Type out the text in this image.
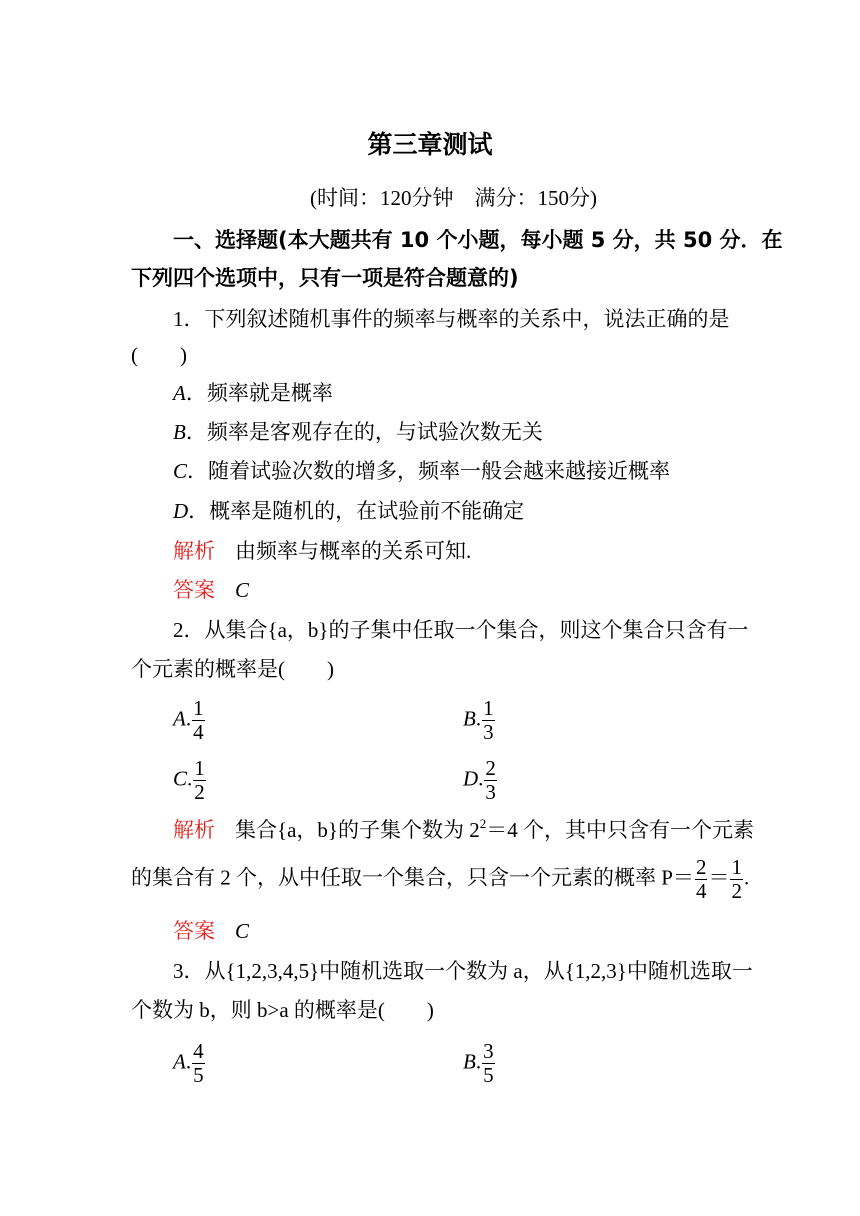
第三章测试
(时间：120分钟　满分：150分)
一、选择题(本大题共有 10 个小题，每小题 5 分，共 50 分．在
下列四个选项中，只有一项是符合题意的)
1．下列叙述随机事件的频率与概率的关系中，说法正确的是
(　　)
A．频率就是概率
B．频率是客观存在的，与试验次数无关
C．随着试验次数的增多，频率一般会越来越接近概率
D．概率是随机的，在试验前不能确定
解析 由频率与概率的关系可知.
答案 C
2．从集合{a，b}的子集中任取一个集合，则这个集合只含有一
个元素的概率是(　　)
A. $\frac{1}{4}$	B. $\frac{1}{3}$
C. $\frac{1}{2}$	D. $\frac{2}{3}$
解析 集合{a，b}的子集个数为 $2^2=4$ 个，其中只含有一个元素
的集合有 2 个，从中任取一个集合，只含一个元素的概率 $P= \frac{2}{4} = \frac{1}{2}$ .
答案 C
3．从{1,2,3,4,5}中随机选取一个数为 a，从{1,2,3}中随机选取一
个数为 b，则 b>a 的概率是(　　)
A. $\frac{4}{5}$	B. $\frac{3}{5}$
